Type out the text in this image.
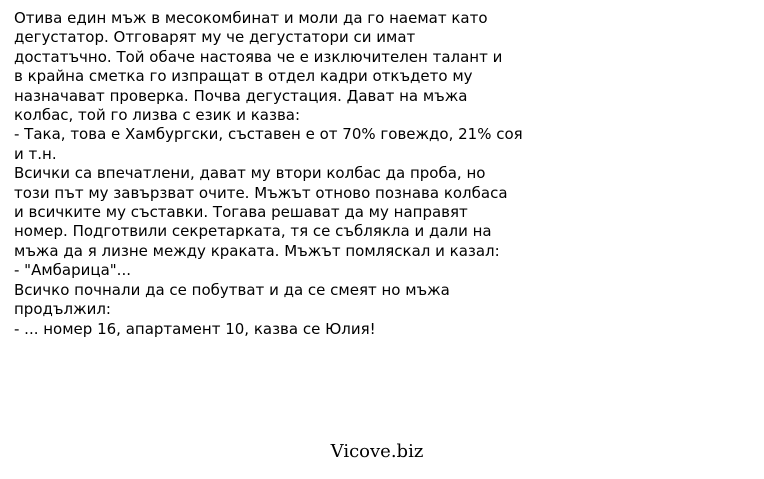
Отива един мъж в месокомбинат и моли да го наемат като
дегустатор. Отговарят му че дегустатори си имат
достатъчно. Той обаче настоява че е изключителен талант и
в крайна сметка го изпращат в отдел кадри откъдето му
назначават проверка. Почва дегустация. Дават на мъжа
колбас, той го лизва с език и казва:
- Така, това е Хамбургски, съставен е от 70% говеждо, 21% соя
и т.н.
Всички са впечатлени, дават му втори колбас да проба, но
този път му завързват очите. Мъжът отново познава колбаса
и всичките му съставки. Тогава решават да му направят
номер. Подготвили секретарката, тя се съблякла и дали на
мъжа да я лизне между краката. Мъжът помляскал и казал:
- "Амбарица"...
Всичко почнали да се побутват и да се смеят но мъжа
продължил:
- ... номер 16, апартамент 10, казва се Юлия!
Vicove.biz
